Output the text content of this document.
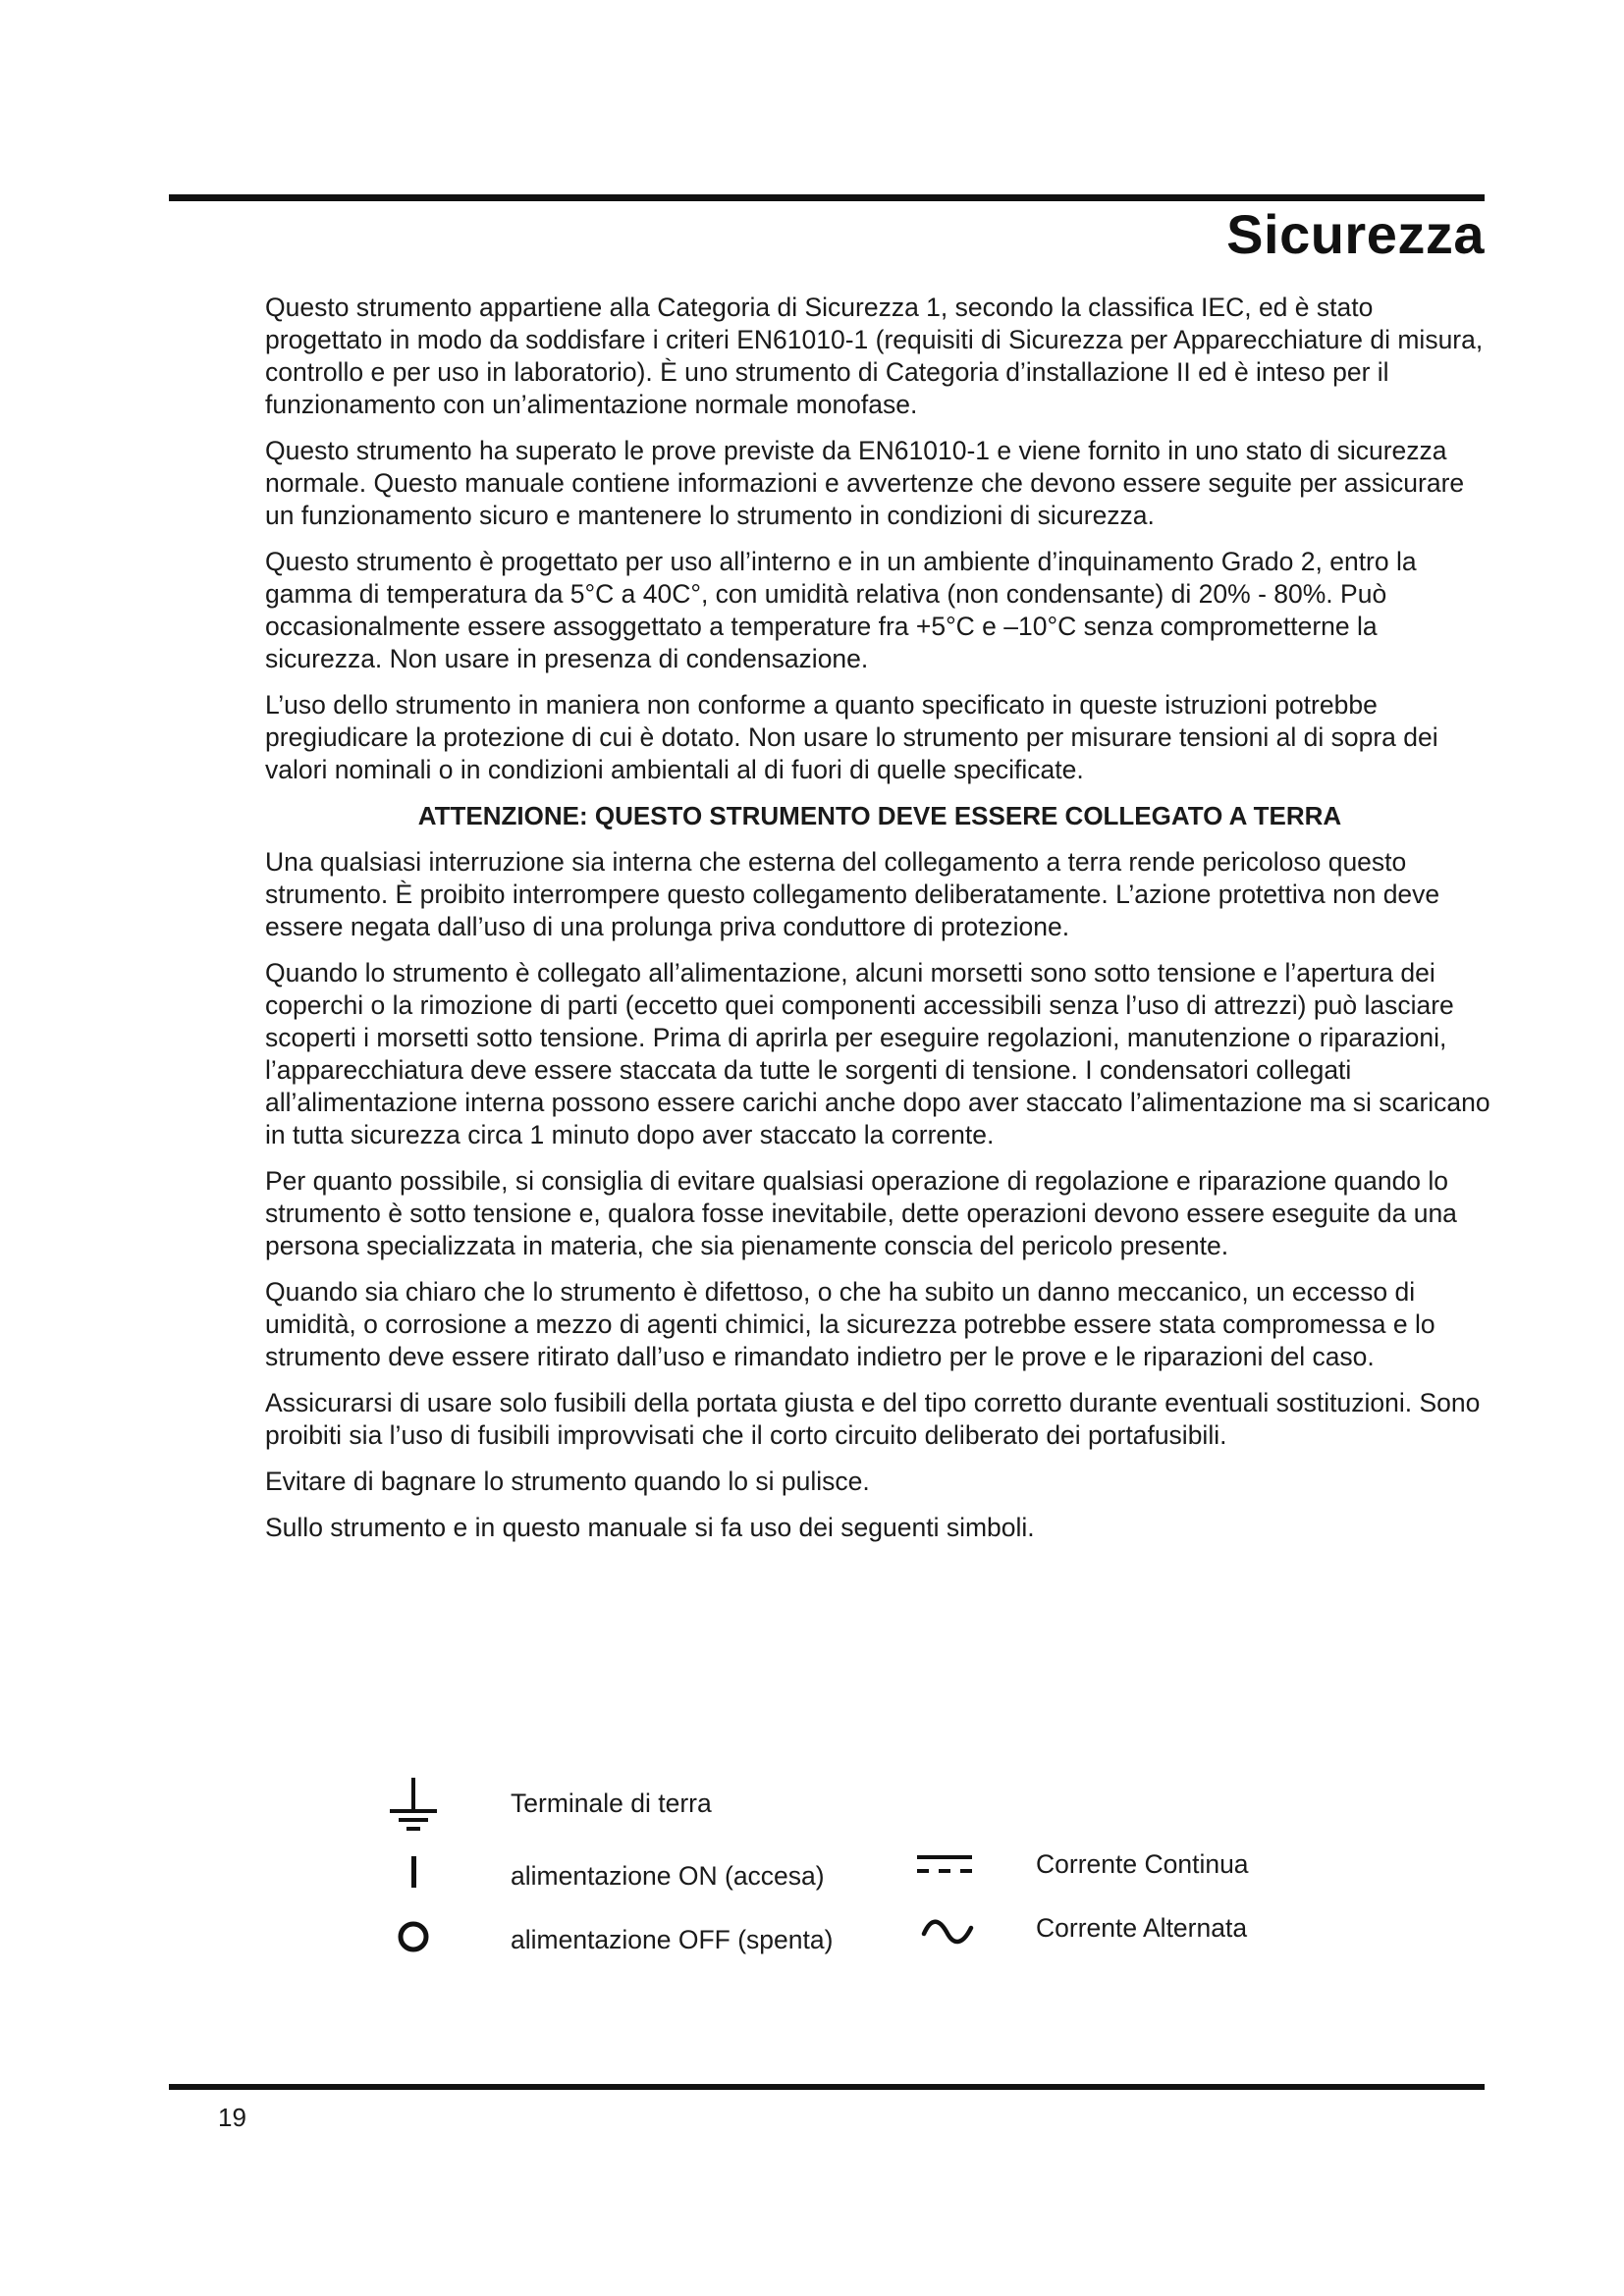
Sicurezza

Questo strumento appartiene alla Categoria di Sicurezza 1, secondo la classifica IEC, ed è stato progettato in modo da soddisfare i criteri EN61010-1 (requisiti di Sicurezza per Apparecchiature di misura, controllo e per uso in laboratorio). È uno strumento di Categoria d’installazione II ed è inteso per il funzionamento con un’alimentazione normale monofase.

Questo strumento ha superato le prove previste da EN61010-1 e viene fornito in uno stato di sicurezza normale. Questo manuale contiene informazioni e avvertenze che devono essere seguite per assicurare un funzionamento sicuro e mantenere lo strumento in condizioni di sicurezza.

Questo strumento è progettato per uso all’interno e in un ambiente d’inquinamento Grado 2, entro la gamma di temperatura da 5°C a 40C°, con umidità relativa (non condensante) di 20% - 80%. Può occasionalmente essere assoggettato a temperature fra +5°C e –10°C senza comprometterne la sicurezza. Non usare in presenza di condensazione.

L’uso dello strumento in maniera non conforme a quanto specificato in queste istruzioni potrebbe pregiudicare la protezione di cui è dotato. Non usare lo strumento per misurare tensioni al di sopra dei valori nominali o in condizioni ambientali al di fuori di quelle specificate.

ATTENZIONE: QUESTO STRUMENTO DEVE ESSERE COLLEGATO A TERRA

Una qualsiasi interruzione sia interna che esterna del collegamento a terra rende pericoloso questo strumento. È proibito interrompere questo collegamento deliberatamente. L’azione protettiva non deve essere negata dall’uso di una prolunga priva conduttore di protezione.

Quando lo strumento è collegato all’alimentazione, alcuni morsetti sono sotto tensione e l’apertura dei coperchi o la rimozione di parti (eccetto quei componenti accessibili senza l’uso di attrezzi) può lasciare scoperti i morsetti sotto tensione. Prima di aprirla per eseguire regolazioni, manutenzione o riparazioni, l’apparecchiatura deve essere staccata da tutte le sorgenti di tensione. I condensatori collegati all’alimentazione interna possono essere carichi anche dopo aver staccato l’alimentazione ma si scaricano in tutta sicurezza circa 1 minuto dopo aver staccato la corrente.

Per quanto possibile, si consiglia di evitare qualsiasi operazione di regolazione e riparazione quando lo strumento è sotto tensione e, qualora fosse inevitabile, dette operazioni devono essere eseguite da una persona specializzata in materia, che sia pienamente conscia del pericolo presente.

Quando sia chiaro che lo strumento è difettoso, o che ha subito un danno meccanico, un eccesso di umidità, o corrosione a mezzo di agenti chimici, la sicurezza potrebbe essere stata compromessa e lo strumento deve essere ritirato dall’uso e rimandato indietro per le prove e le riparazioni del caso.

Assicurarsi di usare solo fusibili della portata giusta e del tipo corretto durante eventuali sostituzioni. Sono proibiti sia l’uso di fusibili improvvisati che il corto circuito deliberato dei portafusibili.

Evitare di bagnare lo strumento quando lo si pulisce.

Sullo strumento e in questo manuale si fa uso dei seguenti simboli.

Terminale di terra
alimentazione ON (accesa)
alimentazione OFF (spenta)
Corrente Continua
Corrente Alternata
19
